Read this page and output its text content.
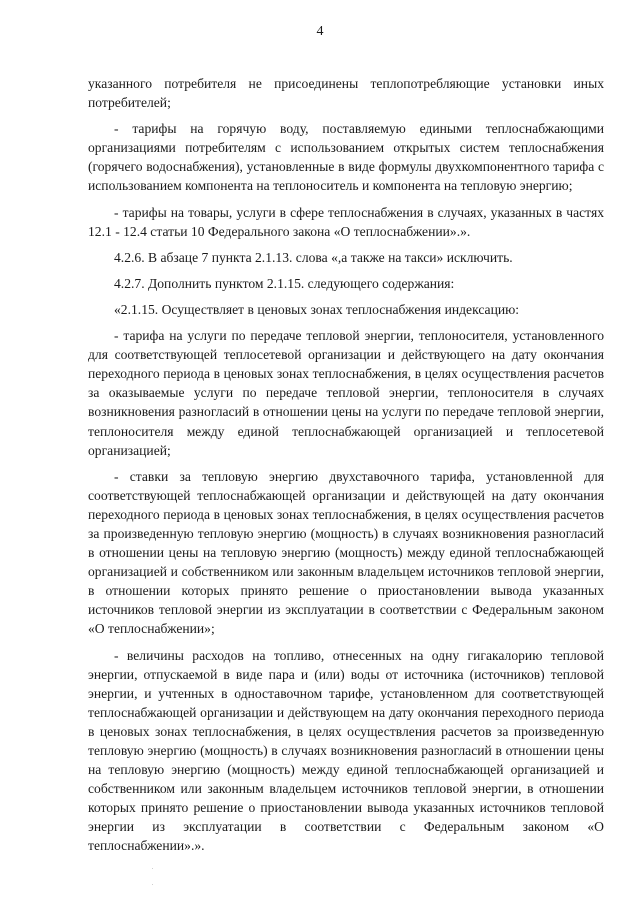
4

указанного потребителя не присоединены теплопотребляющие установки иных потребителей;

- тарифы на горячую воду, поставляемую едиными теплоснабжающими организациями потребителям с использованием открытых систем теплоснабжения (горячего водоснабжения), установленные в виде формулы двухкомпонентного тарифа с использованием компонента на теплоноситель и компонента на тепловую энергию;

- тарифы на товары, услуги в сфере теплоснабжения в случаях, указанных в частях 12.1 - 12.4 статьи 10 Федерального закона «О теплоснабжении».».

4.2.6. В абзаце 7 пункта 2.1.13. слова «,а также на такси» исключить.

4.2.7. Дополнить пунктом 2.1.15. следующего содержания:

«2.1.15. Осуществляет в ценовых зонах теплоснабжения индексацию:

- тарифа на услуги по передаче тепловой энергии, теплоносителя, установленного для соответствующей теплосетевой организации и действующего на дату окончания переходного периода в ценовых зонах теплоснабжения, в целях осуществления расчетов за оказываемые услуги по передаче тепловой энергии, теплоносителя в случаях возникновения разногласий в отношении цены на услуги по передаче тепловой энергии, теплоносителя между единой теплоснабжающей организацией и теплосетевой организацией;

- ставки за тепловую энергию двухставочного тарифа, установленной для соответствующей теплоснабжающей организации и действующей на дату окончания переходного периода в ценовых зонах теплоснабжения, в целях осуществления расчетов за произведенную тепловую энергию (мощность) в случаях возникновения разногласий в отношении цены на тепловую энергию (мощность) между единой теплоснабжающей организацией и собственником или законным владельцем источников тепловой энергии, в отношении которых принято решение о приостановлении вывода указанных источников тепловой энергии из эксплуатации в соответствии с Федеральным законом «О теплоснабжении»;

- величины расходов на топливо, отнесенных на одну гигакалорию тепловой энергии, отпускаемой в виде пара и (или) воды от источника (источников) тепловой энергии, и учтенных в одноставочном тарифе, установленном для соответствующей теплоснабжающей организации и действующем на дату окончания переходного периода в ценовых зонах теплоснабжения, в целях осуществления расчетов за произведенную тепловую энергию (мощность) в случаях возникновения разногласий в отношении цены на тепловую энергию (мощность) между единой теплоснабжающей организацией и собственником или законным владельцем источников тепловой энергии, в отношении которых принято решение о приостановлении вывода указанных источников тепловой энергии из эксплуатации в соответствии с Федеральным законом «О теплоснабжении».».
